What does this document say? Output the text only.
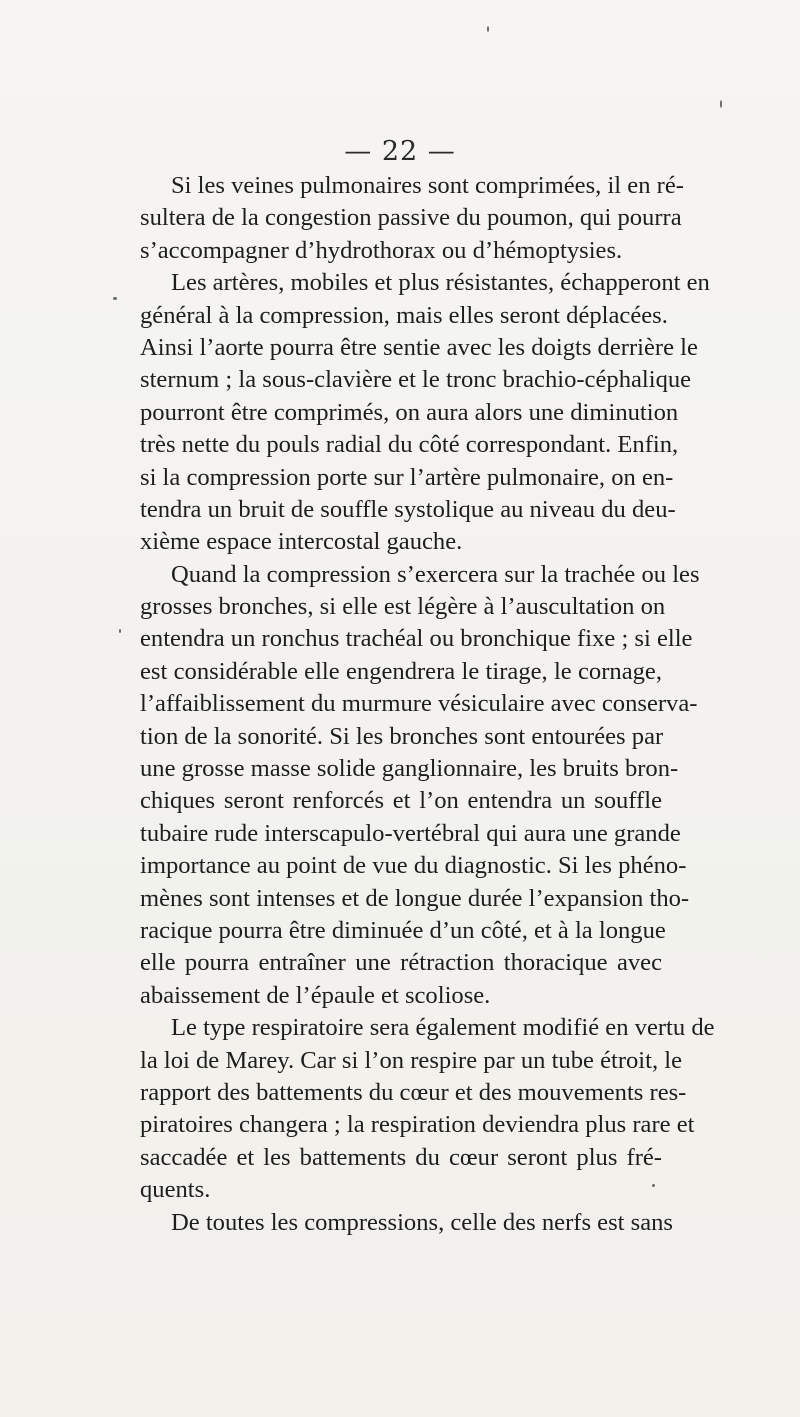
— 22 —
Si les veines pulmonaires sont comprimées, il en ré-
sultera de la congestion passive du poumon, qui pourra
s’accompagner d’hydrothorax ou d’hémoptysies.
Les artères, mobiles et plus résistantes, échapperont en
général à la compression, mais elles seront déplacées.
Ainsi l’aorte pourra être sentie avec les doigts derrière le
sternum ; la sous-clavière et le tronc brachio-céphalique
pourront être comprimés, on aura alors une diminution
très nette du pouls radial du côté correspondant. Enfin,
si la compression porte sur l’artère pulmonaire, on en-
tendra un bruit de souffle systolique au niveau du deu-
xième espace intercostal gauche.
Quand la compression s’exercera sur la trachée ou les
grosses bronches, si elle est légère à l’auscultation on
entendra un ronchus trachéal ou bronchique fixe ; si elle
est considérable elle engendrera le tirage, le cornage,
l’affaiblissement du murmure vésiculaire avec conserva-
tion de la sonorité. Si les bronches sont entourées par
une grosse masse solide ganglionnaire, les bruits bron-
chiques seront renforcés et l’on entendra un souffle
tubaire rude interscapulo-vertébral qui aura une grande
importance au point de vue du diagnostic. Si les phéno-
mènes sont intenses et de longue durée l’expansion tho-
racique pourra être diminuée d’un côté, et à la longue
elle pourra entraîner une rétraction thoracique avec
abaissement de l’épaule et scoliose.
Le type respiratoire sera également modifié en vertu de
la loi de Marey. Car si l’on respire par un tube étroit, le
rapport des battements du cœur et des mouvements res-
piratoires changera ; la respiration deviendra plus rare et
saccadée et les battements du cœur seront plus fré-
quents.
De toutes les compressions, celle des nerfs est sans
